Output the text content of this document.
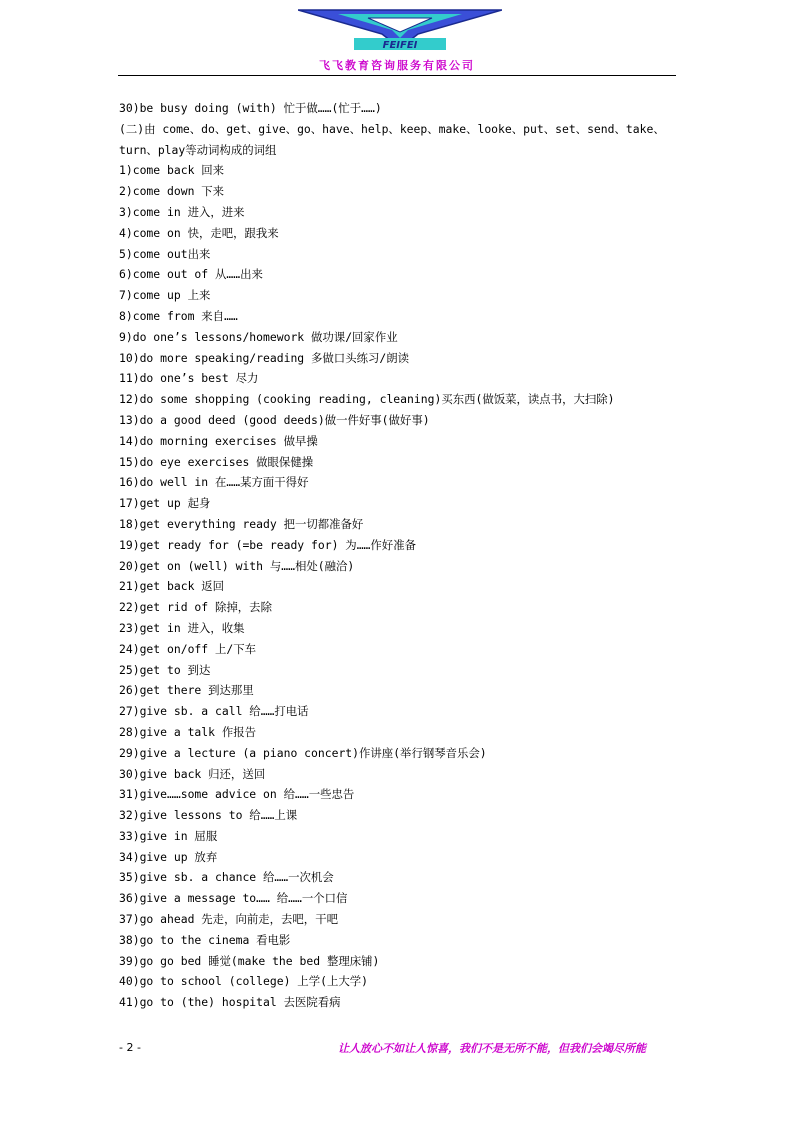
FEIFEI
飞飞教育咨询服务有限公司
30)be busy doing (with) 忙于做……(忙于……)
(二)由 come、do、get、give、go、have、help、keep、make、looke、put、set、send、take、turn、play等动词构成的词组
1)come back 回来
2)come down 下来
3)come in 进入，进来
4)come on 快，走吧，跟我来
5)come out出来
6)come out of 从……出来
7)come up 上来
8)come from 来自……
9)do one’s lessons/homework 做功课/回家作业
10)do more speaking/reading 多做口头练习/朗读
11)do one’s best 尽力
12)do some shopping (cooking reading, cleaning)买东西(做饭菜，读点书，大扫除)
13)do a good deed (good deeds)做一件好事(做好事)
14)do morning exercises 做早操
15)do eye exercises 做眼保健操
16)do well in 在……某方面干得好
17)get up 起身
18)get everything ready 把一切都准备好
19)get ready for (=be ready for) 为……作好准备
20)get on (well) with 与……相处(融洽)
21)get back 返回
22)get rid of 除掉，去除
23)get in 进入，收集
24)get on/off 上/下车
25)get to 到达
26)get there 到达那里
27)give sb. a call 给……打电话
28)give a talk 作报告
29)give a lecture (a piano concert)作讲座(举行钢琴音乐会)
30)give back 归还，送回
31)give……some advice on 给……一些忠告
32)give lessons to 给……上课
33)give in 屈服
34)give up 放弃
35)give sb. a chance 给……一次机会
36)give a message to…… 给……一个口信
37)go ahead 先走，向前走，去吧，干吧
38)go to the cinema 看电影
39)go go bed 睡觉(make the bed 整理床铺)
40)go to school (college) 上学(上大学)
41)go to (the) hospital 去医院看病
- 2 -	让人放心不如让人惊喜，我们不是无所不能，但我们会竭尽所能
